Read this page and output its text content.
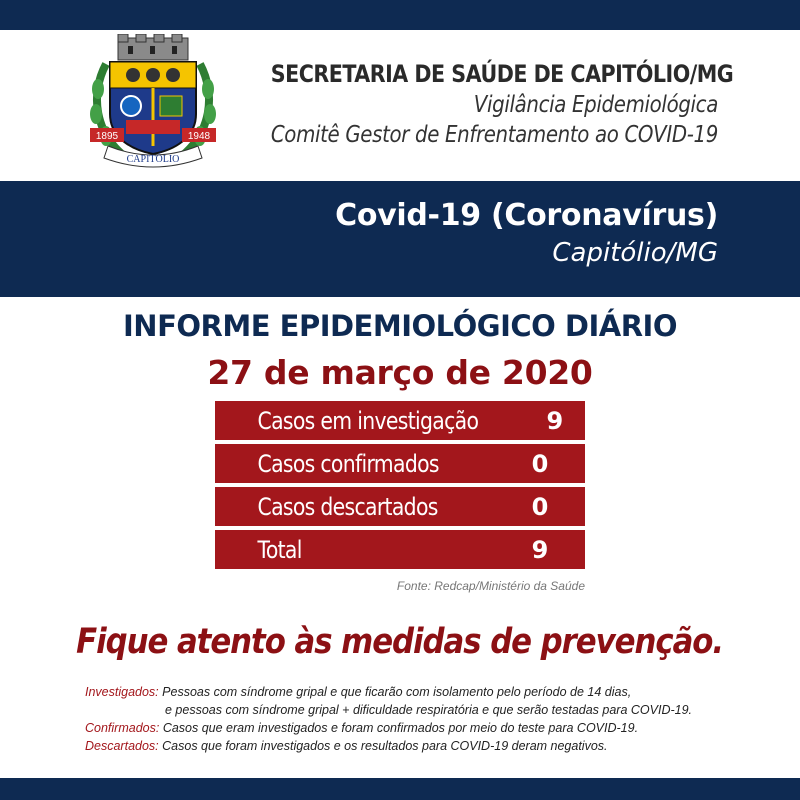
1895	1948
CAPITÓLIO
SECRETARIA DE SAÚDE DE CAPITÓLIO/MG
Vigilância Epidemiológica
Comitê Gestor de Enfrentamento ao COVID-19
Covid-19 (Coronavírus)
Capitólio/MG
INFORME EPIDEMIOLÓGICO DIÁRIO
27 de março de 2020
Casos em investigação	9
Casos confirmados	0
Casos descartados	0
Total	9
Fonte: Redcap/Ministério da Saúde
Fique atento às medidas de prevenção.
Investigados: Pessoas com síndrome gripal e que ficarão com isolamento pelo período de 14 dias,
e pessoas com síndrome gripal + dificuldade respiratória e que serão testadas para COVID-19.
Confirmados: Casos que eram investigados e foram confirmados por meio do teste para COVID-19.
Descartados: Casos que foram investigados e os resultados para COVID-19 deram negativos.
